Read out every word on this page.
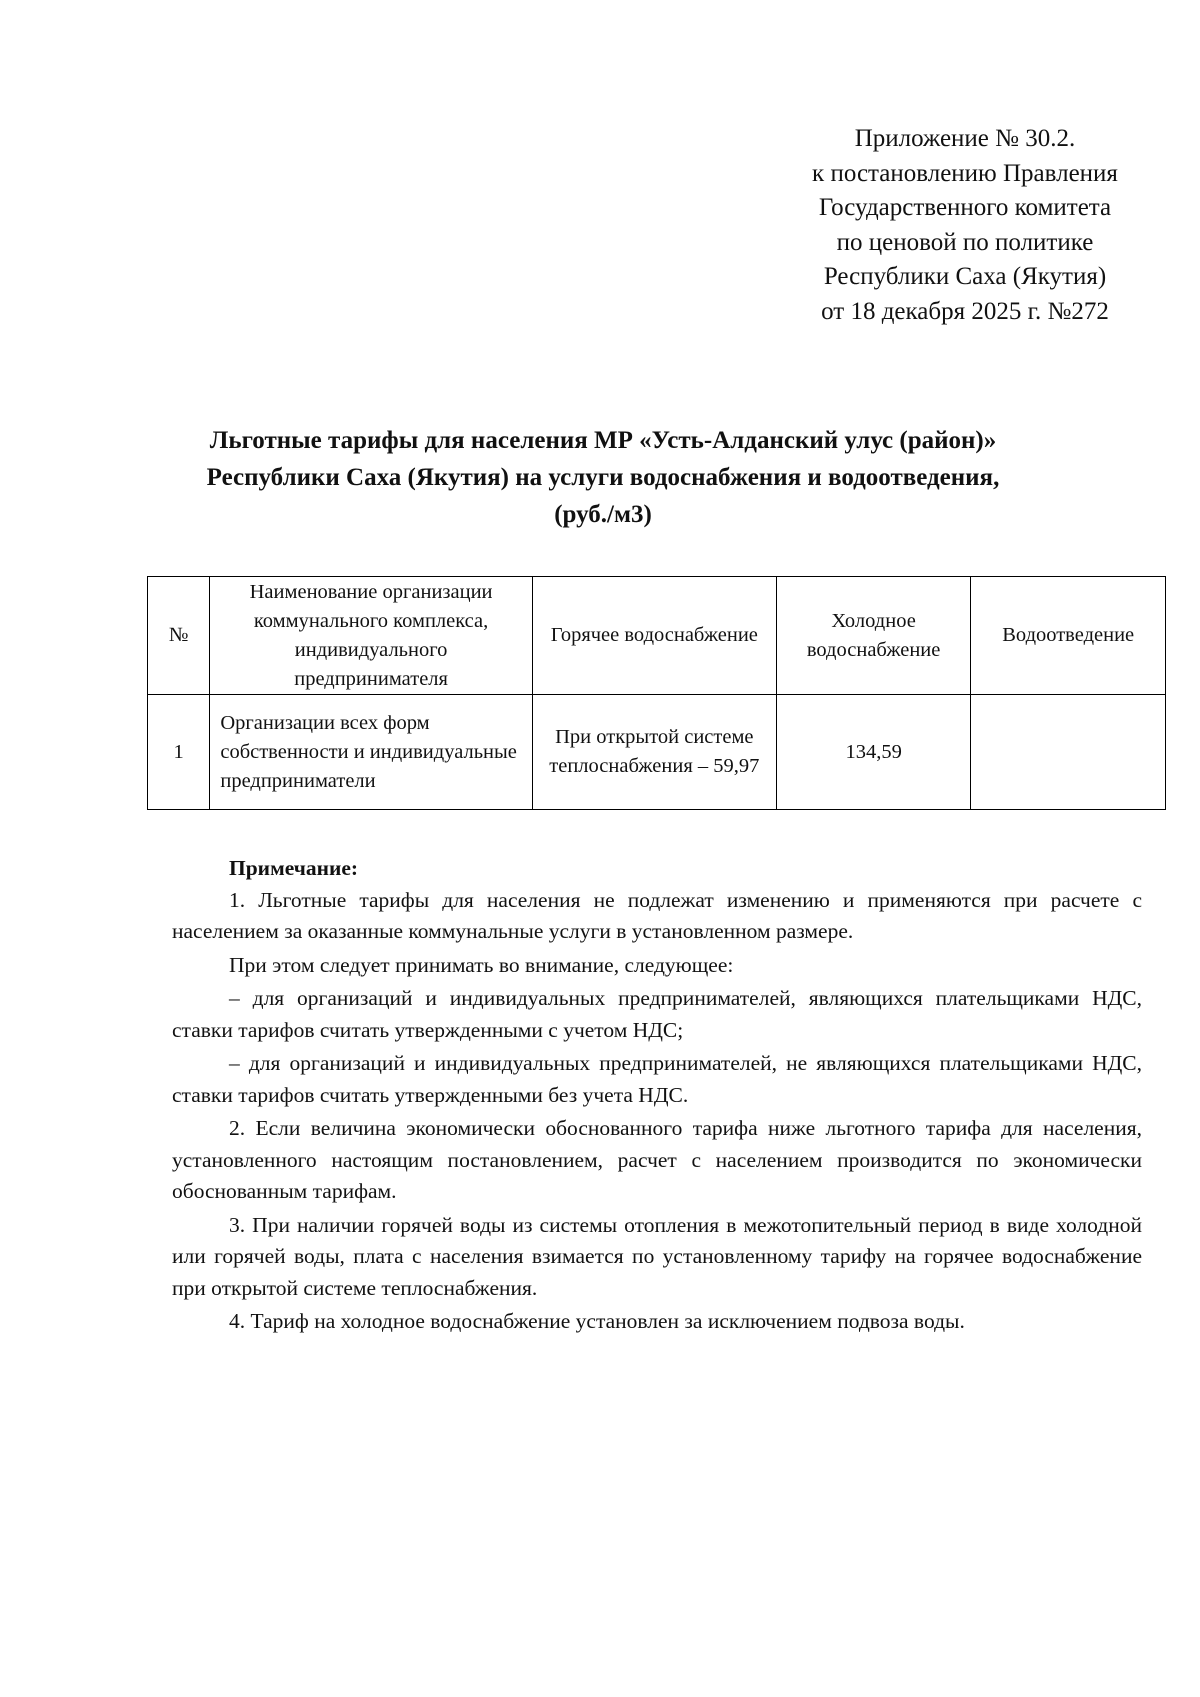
Приложение № 30.2.
к постановлению Правления
Государственного комитета
по ценовой по политике
Республики Саха (Якутия)
от 18 декабря 2025 г. №272
Льготные тарифы для населения МР «Усть-Алданский улус (район)»
Республики Саха (Якутия) на услуги водоснабжения и водоотведения,
(руб./м3)
№	Наименование организации коммунального комплекса, индивидуального предпринимателя	Горячее водоснабжение	Холодное водоснабжение	Водоотведение
1	Организации всех форм собственности и индивидуальные предприниматели	При открытой системе теплоснабжения – 59,97	134,59	

Примечание:

1. Льготные тарифы для населения не подлежат изменению и применяются при расчете с населением за оказанные коммунальные услуги в установленном размере.

При этом следует принимать во внимание, следующее:

– для организаций и индивидуальных предпринимателей, являющихся плательщиками НДС, ставки тарифов считать утвержденными с учетом НДС;

– для организаций и индивидуальных предпринимателей, не являющихся плательщиками НДС, ставки тарифов считать утвержденными без учета НДС.

2. Если величина экономически обоснованного тарифа ниже льготного тарифа для населения, установленного настоящим постановлением, расчет с населением производится по экономически обоснованным тарифам.

3. При наличии горячей воды из системы отопления в межотопительный период в виде холодной или горячей воды, плата с населения взимается по установленному тарифу на горячее водоснабжение при открытой системе теплоснабжения.

4. Тариф на холодное водоснабжение установлен за исключением подвоза воды.
